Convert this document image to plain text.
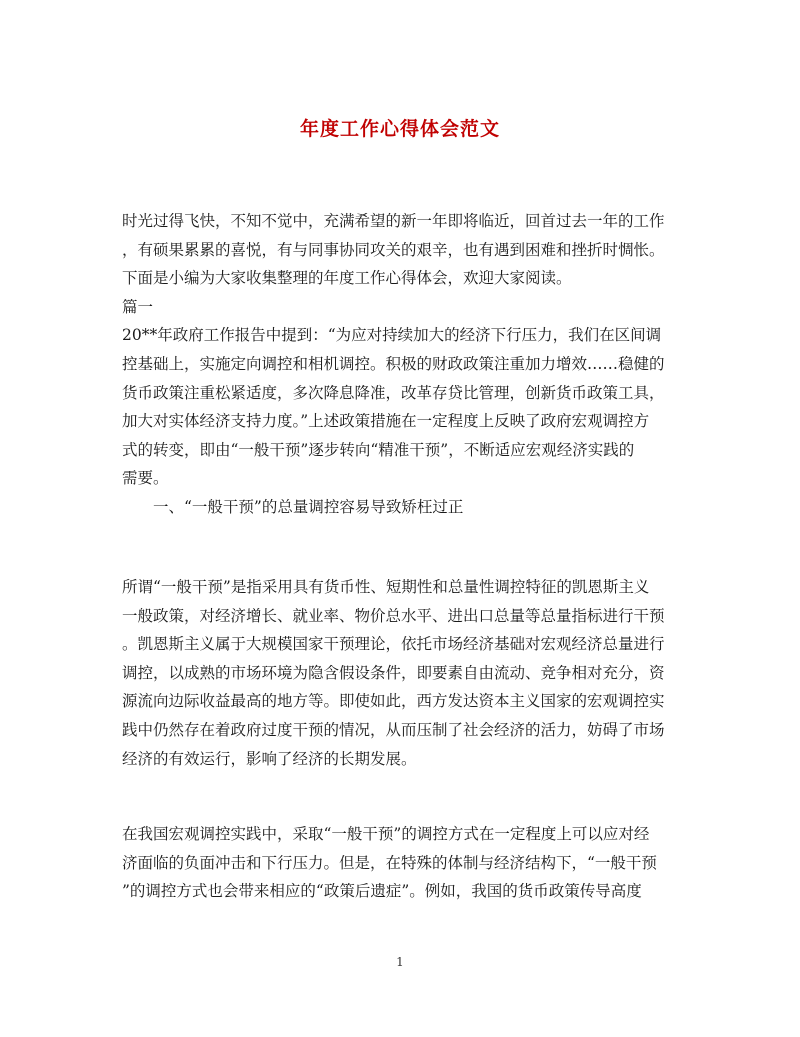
年度工作心得体会范文
时光过得飞快，不知不觉中，充满希望的新一年即将临近，回首过去一年的工作
，有硕果累累的喜悦，有与同事协同攻关的艰辛，也有遇到困难和挫折时惆怅。
下面是小编为大家收集整理的年度工作心得体会，欢迎大家阅读。
篇一
20**年政府工作报告中提到：“为应对持续加大的经济下行压力，我们在区间调
控基础上，实施定向调控和相机调控。积极的财政政策注重加力增效……稳健的
货币政策注重松紧适度，多次降息降准，改革存贷比管理，创新货币政策工具，
加大对实体经济支持力度。”上述政策措施在一定程度上反映了政府宏观调控方
式的转变，即由“一般干预”逐步转向“精准干预”，不断适应宏观经济实践的
需要。
一、“一般干预”的总量调控容易导致矫枉过正
所谓“一般干预”是指采用具有货币性、短期性和总量性调控特征的凯恩斯主义
一般政策，对经济增长、就业率、物价总水平、进出口总量等总量指标进行干预
。凯恩斯主义属于大规模国家干预理论，依托市场经济基础对宏观经济总量进行
调控，以成熟的市场环境为隐含假设条件，即要素自由流动、竞争相对充分，资
源流向边际收益最高的地方等。即使如此，西方发达资本主义国家的宏观调控实
践中仍然存在着政府过度干预的情况，从而压制了社会经济的活力，妨碍了市场
经济的有效运行，影响了经济的长期发展。
在我国宏观调控实践中，采取“一般干预”的调控方式在一定程度上可以应对经
济面临的负面冲击和下行压力。但是，在特殊的体制与经济结构下，“一般干预
”的调控方式也会带来相应的“政策后遗症”。例如，我国的货币政策传导高度
1
